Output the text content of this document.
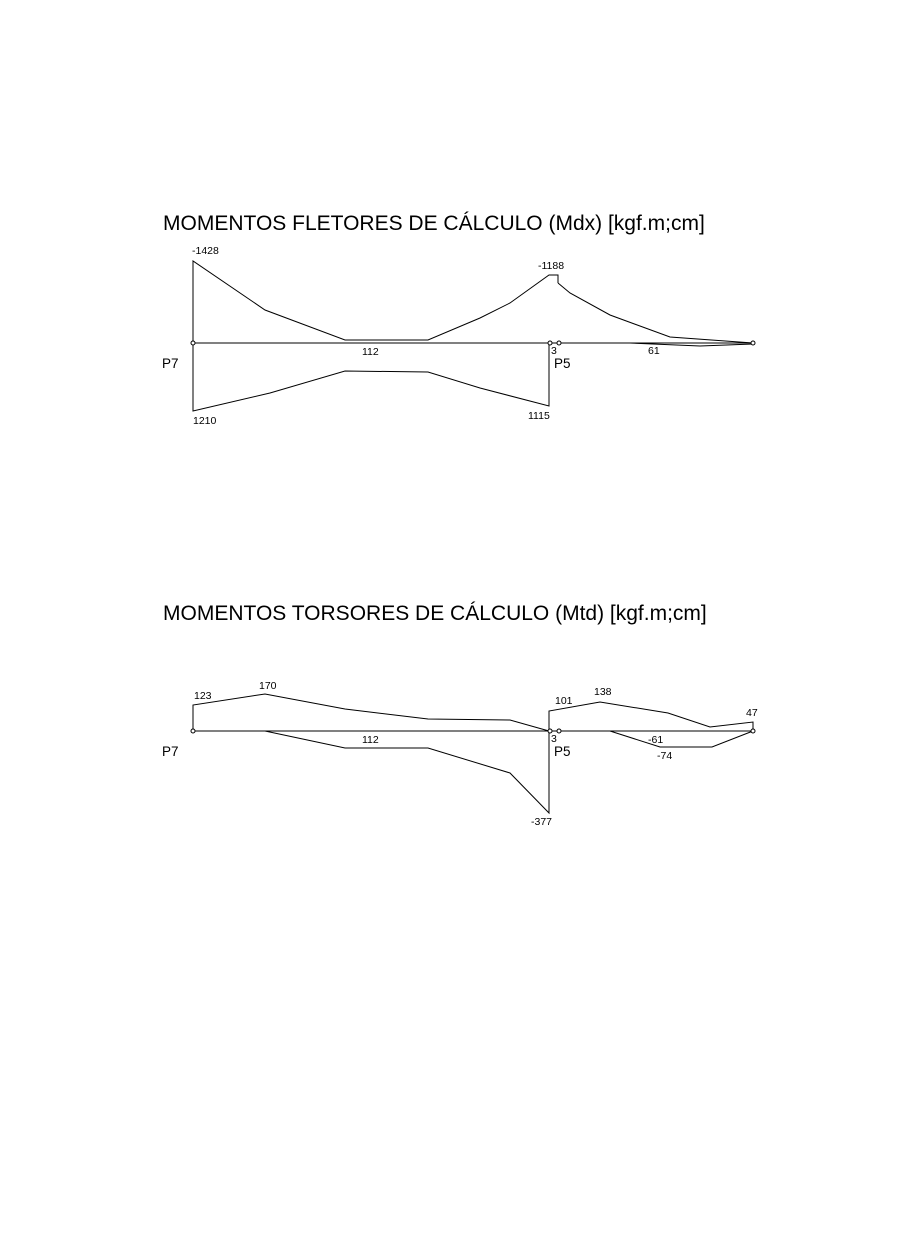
MOMENTOS FLETORES DE CÁLCULO (Mdx) [kgf.m;cm]
-1428
-1188
112	3	61
1210	1115
P7	P5
MOMENTOS TORSORES DE CÁLCULO (Mtd) [kgf.m;cm]
123
170
112	3
-377
101
138
47
-61
-74
P7	P5
